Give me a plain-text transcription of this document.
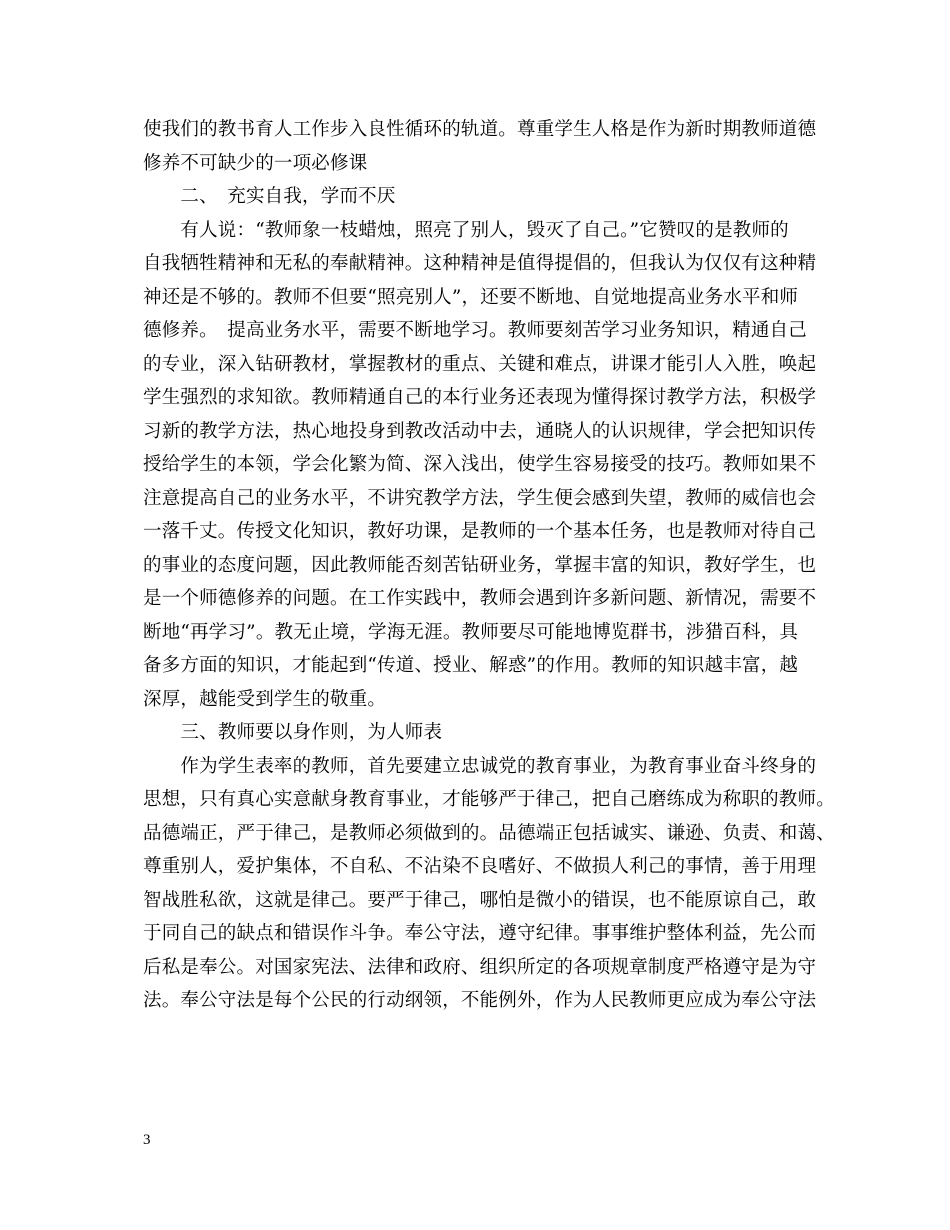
使我们的教书育人工作步入良性循环的轨道。尊重学生人格是作为新时期教师道德
修养不可缺少的一项必修课
　　二、　充实自我，学而不厌
　　有人说：“教师象一枝蜡烛，照亮了别人，毁灭了自己。”它赞叹的是教师的
自我牺牲精神和无私的奉献精神。这种精神是值得提倡的，但我认为仅仅有这种精
神还是不够的。教师不但要“照亮别人”，还要不断地、自觉地提高业务水平和师
德修养。　提高业务水平，需要不断地学习。教师要刻苦学习业务知识，精通自己
的专业，深入钻研教材，掌握教材的重点、关键和难点，讲课才能引人入胜，唤起
学生强烈的求知欲。教师精通自己的本行业务还表现为懂得探讨教学方法，积极学
习新的教学方法，热心地投身到教改活动中去，通晓人的认识规律，学会把知识传
授给学生的本领，学会化繁为简、深入浅出，使学生容易接受的技巧。教师如果不
注意提高自己的业务水平，不讲究教学方法，学生便会感到失望，教师的威信也会
一落千丈。传授文化知识，教好功课，是教师的一个基本任务，也是教师对待自己
的事业的态度问题，因此教师能否刻苦钻研业务，掌握丰富的知识，教好学生，也
是一个师德修养的问题。在工作实践中，教师会遇到许多新问题、新情况，需要不
断地“再学习”。教无止境，学海无涯。教师要尽可能地博览群书，涉猎百科，具
备多方面的知识，才能起到“传道、授业、解惑”的作用。教师的知识越丰富，越
深厚，越能受到学生的敬重。
　　三、教师要以身作则，为人师表
　　作为学生表率的教师，首先要建立忠诚党的教育事业，为教育事业奋斗终身的
思想，只有真心实意献身教育事业，才能够严于律己，把自己磨练成为称职的教师。
品德端正，严于律己，是教师必须做到的。品德端正包括诚实、谦逊、负责、和蔼、
尊重别人，爱护集体，不自私、不沾染不良嗜好、不做损人利己的事情，善于用理
智战胜私欲，这就是律己。要严于律己，哪怕是微小的错误，也不能原谅自己，敢
于同自己的缺点和错误作斗争。奉公守法，遵守纪律。事事维护整体利益，先公而
后私是奉公。对国家宪法、法律和政府、组织所定的各项规章制度严格遵守是为守
法。奉公守法是每个公民的行动纲领，不能例外，作为人民教师更应成为奉公守法
3
